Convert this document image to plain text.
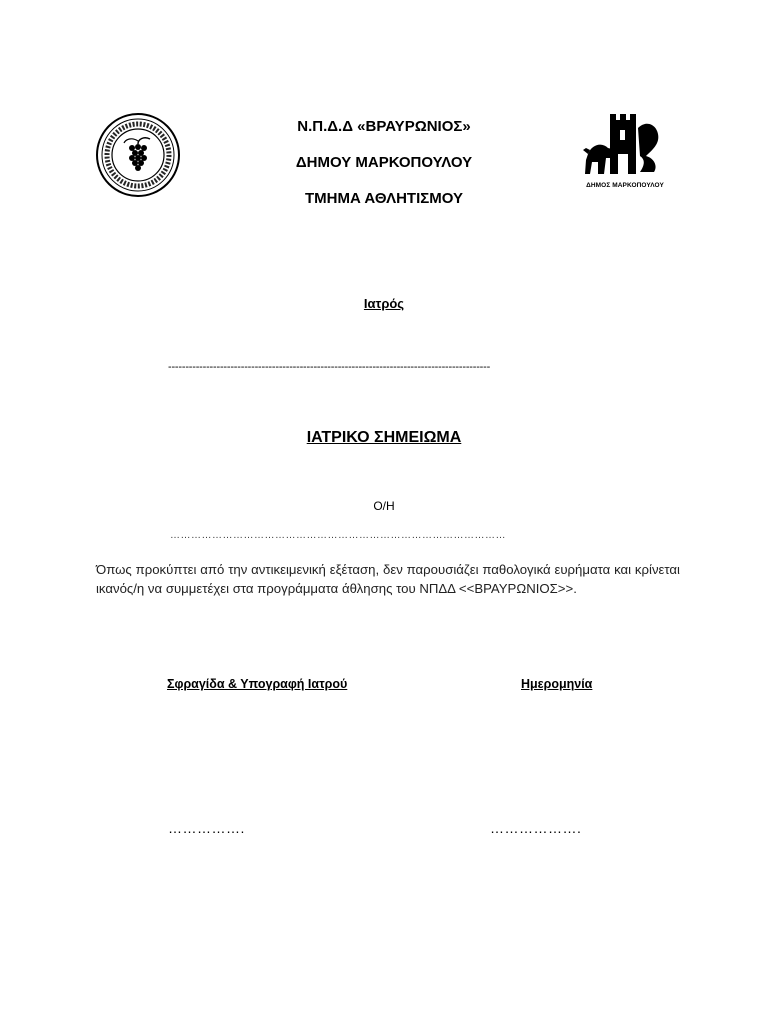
Ν.Π.Δ.Δ «ΒΡΑΥΡΩΝΙΟΣ»
ΔΗΜΟΥ ΜΑΡΚΟΠΟΥΛΟΥ
ΤΜΗΜΑ ΑΘΛΗΤΙΣΜΟΥ
ΔΗΜΟΣ ΜΑΡΚΟΠΟΥΛΟΥ
Ιατρός
---------------------------------------------------------------------------------------------
ΙΑΤΡΙΚΟ ΣΗΜΕΙΩΜΑ
Ο/Η
……………………………………………………………………………………
Όπως προκύπτει από την αντικειμενική εξέταση, δεν παρουσιάζει παθολογικά ευρήματα και κρίνεται ικανός/η να συμμετέχει στα προγράμματα άθλησης του ΝΠΔΔ <<ΒΡΑΥΡΩΝΙΟΣ>>.
Σφραγίδα & Υπογραφή Ιατρού	Ημερομηνία
…………….	……………….
